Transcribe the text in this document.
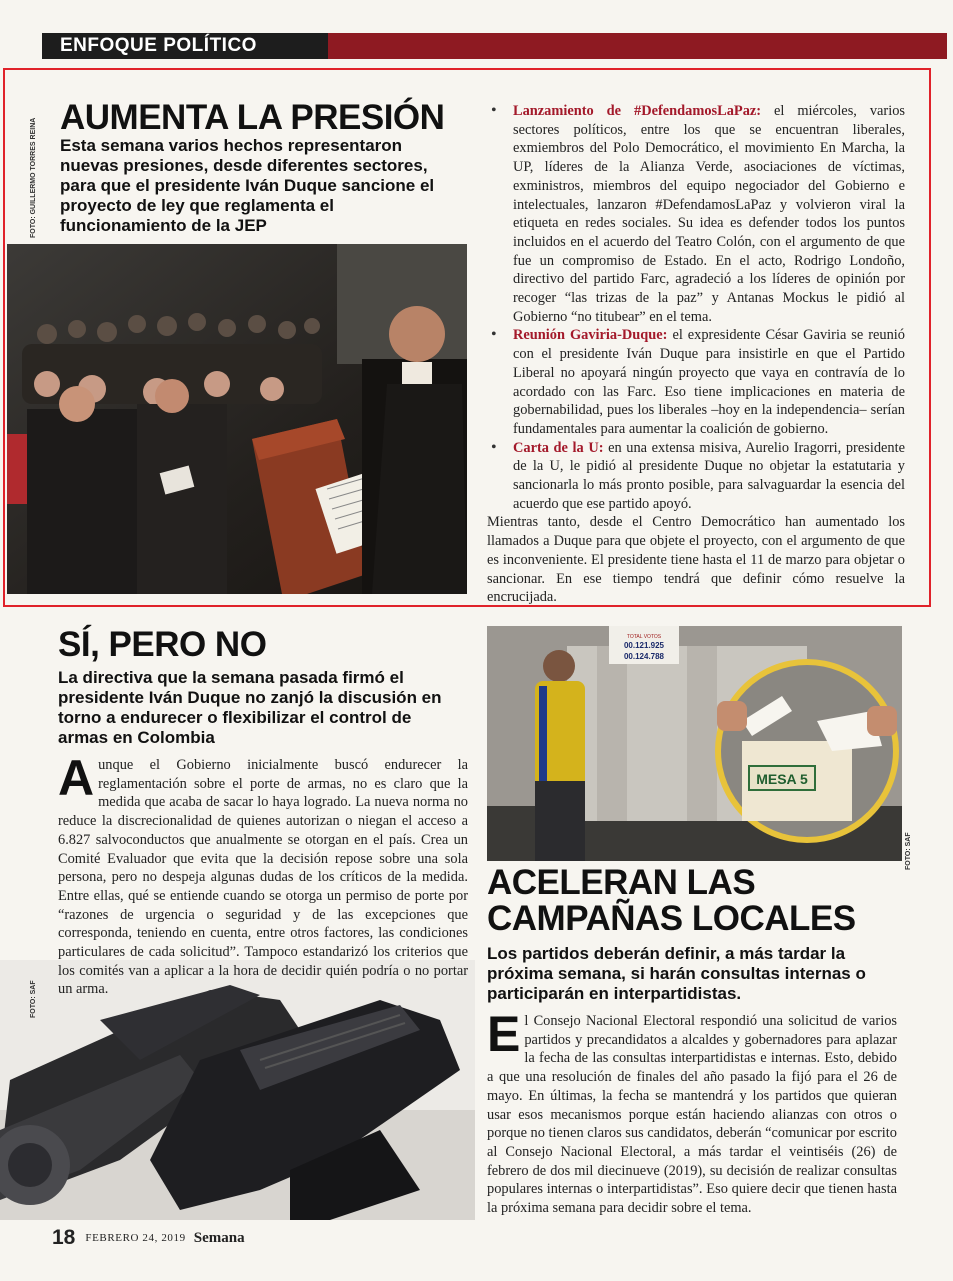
ENFOQUE POLÍTICO
FOTO: GUILLERMO TORRES REINA
AUMENTA LA PRESIÓN
Esta semana varios hechos representaron nuevas presiones, desde diferentes sectores, para que el presidente Iván Duque sancione el proyecto de ley que reglamenta el funcionamiento de la JEP
• Lanzamiento de #DefendamosLaPaz: el miércoles, varios sectores políticos, entre los que se encuentran liberales, exmiembros del Polo Democrático, el movimiento En Marcha, la UP, líderes de la Alianza Verde, asociaciones de víctimas, exministros, miembros del equipo negociador del Gobierno e intelectuales, lanzaron #DefendamosLaPaz y volvieron viral la etiqueta en redes sociales. Su idea es defender todos los puntos incluidos en el acuerdo del Teatro Colón, con el argumento de que fue un compromiso de Estado. En el acto, Rodrigo Londoño, directivo del partido Farc, agradeció a los líderes de opinión por recoger “las trizas de la paz” y Antanas Mockus le pidió al Gobierno “no titubear” en el tema.
• Reunión Gaviria-Duque: el expresidente César Gaviria se reunió con el presidente Iván Duque para insistirle en que el Partido Liberal no apoyará ningún proyecto que vaya en contravía de lo acordado con las Farc. Eso tiene implicaciones en materia de gobernabilidad, pues los liberales –hoy en la independencia– serían fundamentales para aumentar la coalición de gobierno.
• Carta de la U: en una extensa misiva, Aurelio Iragorri, presidente de la U, le pidió al presidente Duque no objetar la estatutaria y sancionarla lo más pronto posible, para salvaguardar la esencia del acuerdo que ese partido apoyó.

Mientras tanto, desde el Centro Democrático han aumentado los llamados a Duque para que objete el proyecto, con el argumento de que es inconveniente. El presidente tiene hasta el 11 de marzo para objetar o sancionar. En ese tiempo tendrá que definir cómo resuelve la encrucijada.

SÍ, PERO NO
La directiva que la semana pasada firmó el presidente Iván Duque no zanjó la discusión en torno a endurecer o flexibilizar el control de armas en Colombia
A unque el Gobierno inicialmente buscó endurecer la reglamentación sobre el porte de armas, no es claro que la medida que acaba de sacar lo haya logrado. La nueva norma no reduce la discrecionalidad de quienes autorizan o niegan el acceso a 6.827 salvoconductos que anualmente se otorgan en el país. Crea un Comité Evaluador que evita que la decisión repose sobre una sola persona, pero no despeja algunas dudas de los críticos de la medida. Entre ellas, qué se entiende cuando se otorga un permiso de porte por “razones de urgencia o seguridad y de las excepciones que corresponda, teniendo en cuenta, entre otros factores, las condiciones particulares de cada solicitud”. Tampoco estandarizó los criterios que los comités van a aplicar a la hora de decidir quién podría o no portar un arma.
FOTO: SAF
TOTAL VOTOS
00.121.925
00.124.788
MESA 5
FOTO: SAF
ACELERAN LAS CAMPAÑAS LOCALES
Los partidos deberán definir, a más tardar la próxima semana, si harán consultas internas o participarán en interpartidistas.
E l Consejo Nacional Electoral respondió una solicitud de varios partidos y precandidatos a alcaldes y gobernadores para aplazar la fecha de las consultas interpartidistas e internas. Esto, debido a que una resolución de finales del año pasado la fijó para el 26 de mayo. En últimas, la fecha se mantendrá y los partidos que quieran usar esos mecanismos porque están haciendo alianzas con otros o porque no tienen claros sus candidatos, deberán “comunicar por escrito al Consejo Nacional Electoral, a más tardar el veintiséis (26) de febrero de dos mil diecinueve (2019), su decisión de realizar consultas populares internas o interpartidistas”. Eso quiere decir que tienen hasta la próxima semana para decidir sobre el tema.
18 FEBRERO 24, 2019 Semana
